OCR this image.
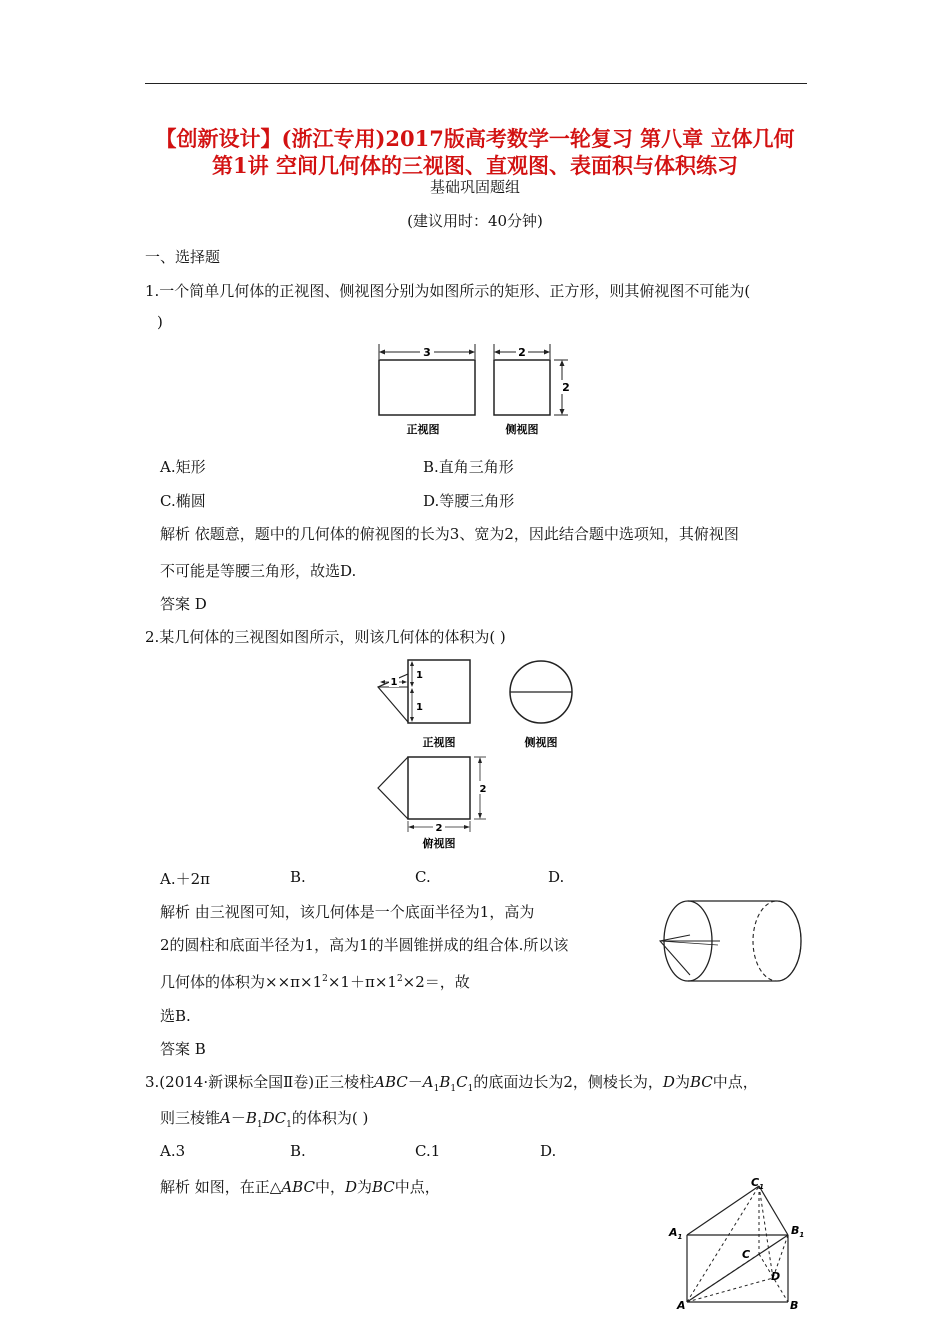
【创新设计】(浙江专用)2017版高考数学一轮复习 第八章 立体几何
第1讲 空间几何体的三视图、直观图、表面积与体积练习
基础巩固题组
(建议用时：40分钟)
一、选择题
1.一个简单几何体的正视图、侧视图分别为如图所示的矩形、正方形，则其俯视图不可能为(
)
3	2
2
正视图	侧视图
A.矩形	B.直角三角形
C.椭圆	D.等腰三角形
解析 依题意，题中的几何体的俯视图的长为3、宽为2，因此结合题中选项知，其俯视图
不可能是等腰三角形，故选D.
答案 D
2.某几何体的三视图如图所示，则该几何体的体积为( )
1
1
1
正视图	侧视图
2
2
俯视图
A.＋2π	B.	C.	D.
解析 由三视图可知，该几何体是一个底面半径为1，高为
2的圆柱和底面半径为1，高为1的半圆锥拼成的组合体.所以该
几何体的体积为$\times\times\pi\times 1^2\times 1+\pi\times 1^2\times 2=$，故
选B.
答案 B
3.(2014·新课标全国Ⅱ卷)正三棱柱$ABC-A_1B_1C_1$的底面边长为2，侧棱长为，D为BC中点，
则三棱锥$A-B_1DC_1$的体积为( )
A.3	B.	C.1	D.
解析 如图，在正△ABC中，D为BC中点，	$C_1$
$A_1$	$B_1$
C
D
A	B
